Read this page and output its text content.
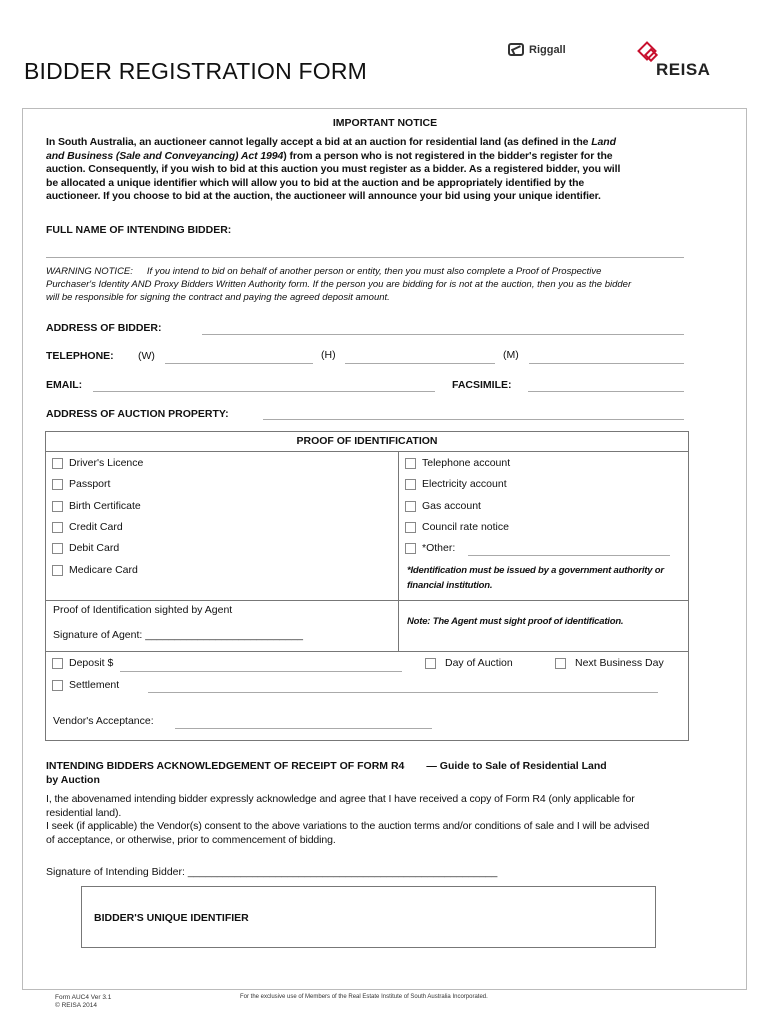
BIDDER REGISTRATION FORM
Riggall
REISA
IMPORTANT NOTICE
In South Australia, an auctioneer cannot legally accept a bid at an auction for residential land (as defined in the Land and Business (Sale and Conveyancing) Act 1994) from a person who is not registered in the bidder's register for the auction. Consequently, if you wish to bid at this auction you must register as a bidder. As a registered bidder, you will be allocated a unique identifier which will allow you to bid at the auction and be appropriately identified by the auctioneer. If you choose to bid at the auction, the auctioneer will announce your bid using your unique identifier.
FULL NAME OF INTENDING BIDDER:
WARNING NOTICE: If you intend to bid on behalf of another person or entity, then you must also complete a Proof of Prospective Purchaser's Identity AND Proxy Bidders Written Authority form. If the person you are bidding for is not at the auction, then you as the bidder will be responsible for signing the contract and paying the agreed deposit amount.
ADDRESS OF BIDDER:
TELEPHONE: (W)	(H)	(M)
EMAIL:	FACSIMILE:
ADDRESS OF AUCTION PROPERTY:
PROOF OF IDENTIFICATION
Driver's Licence
Passport
Birth Certificate
Credit Card
Debit Card
Medicare Card
Telephone account
Electricity account
Gas account
Council rate notice
*Other:
*Identification must be issued by a government authority or financial institution.
Proof of Identification sighted by Agent
Signature of Agent: ___________________________
Note: The Agent must sight proof of identification.
Deposit $	Day of Auction	Next Business Day
Settlement
Vendor's Acceptance:
INTENDING BIDDERS ACKNOWLEDGEMENT OF RECEIPT OF FORM R4 — Guide to Sale of Residential Land
by Auction
I, the abovenamed intending bidder expressly acknowledge and agree that I have received a copy of Form R4 (only applicable for residential land).
I seek (if applicable) the Vendor(s) consent to the above variations to the auction terms and/or conditions of sale and I will be advised of acceptance, or otherwise, prior to commencement of bidding.
Signature of Intending Bidder: _____________________________________________________
BIDDER'S UNIQUE IDENTIFIER
Form AUC4 Ver 3.1
© REISA 2014
For the exclusive use of Members of the Real Estate Institute of South Australia Incorporated.
